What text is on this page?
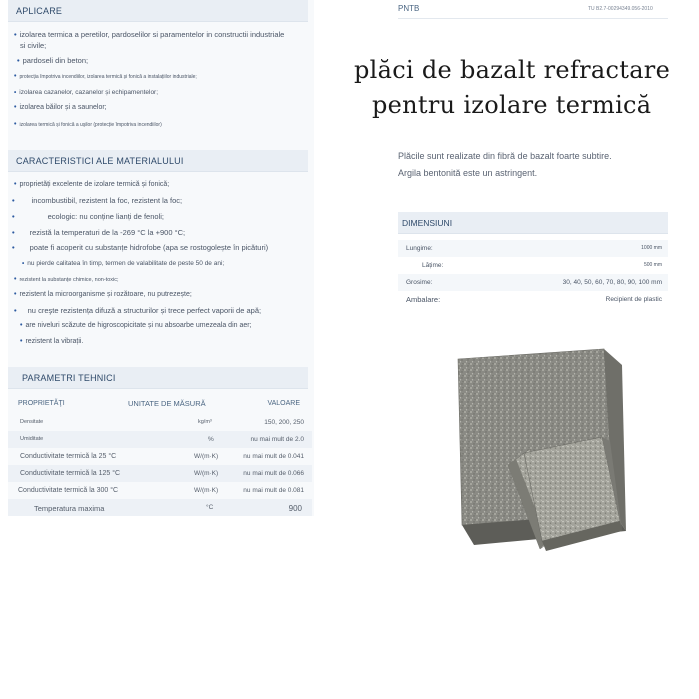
APLICARE
• izolarea termica a peretilor, pardoselilor si paramentelor in constructii industriale
si civile;
• pardoseli din beton;
• protecția împotriva incendiilor, izolarea termică și fonică a instalațiilor industriale;
• izolarea cazanelor, cazanelor și echipamentelor;
• izolarea băilor și a saunelor;
• izolarea termică și fonică a uşilor (protecție împotriva incendiilor)
CARACTERISTICI ALE MATERIALULUI
• proprietăți excelente de izolare termică și fonică;
• incombustibil, rezistent la foc, rezistent la foc;
•	ecologic: nu conține lianți de fenoli;
• rezistă la temperaturi de la -269 °C la +900 °C;
• poate fi acoperit cu substanțe hidrofobe (apa se rostogolește în picături)
• nu pierde calitatea în timp, termen de valabilitate de peste 50 de ani;
• rezistent la substanțe chimice, non-toxic;
• rezistent la microorganisme și rozătoare, nu putrezește;
• nu creşte rezistența difuză a structurilor și trece perfect vaporii de apă;
• are niveluri scăzute de higroscopicitate și nu absoarbe umezeala din aer;
• rezistent la vibrații.
PARAMETRI TEHNICI
PROPRIETĂŢI	UNITATE DE MĂSURĂ	VALOARE
Densitate	kg/m³	150, 200, 250
Umiditate	%	nu mai mult de 2.0
Conductivitate termică la 25 °C	W/(m·K)	nu mai mult de 0.041
Conductivitate termică la 125 °C	W/(m·K)	nu mai mult de 0.066
Conductivitate termică la 300 °C	W/(m·K)	nu mai mult de 0.081
Temperatura maxima	°C	900
PNTB	TU B2.7-00294349.056-2010
plăci de bazalt refractare
pentru izolare termică
Plăcile sunt realizate din fibră de bazalt foarte subtire.
Argila bentonită este un astringent.
DIMENSIUNI
Lungime:	1000 mm
Lățime:	500 mm
Grosime:	30, 40, 50, 60, 70, 80, 90, 100 mm
Ambalare:	Recipient de plastic
